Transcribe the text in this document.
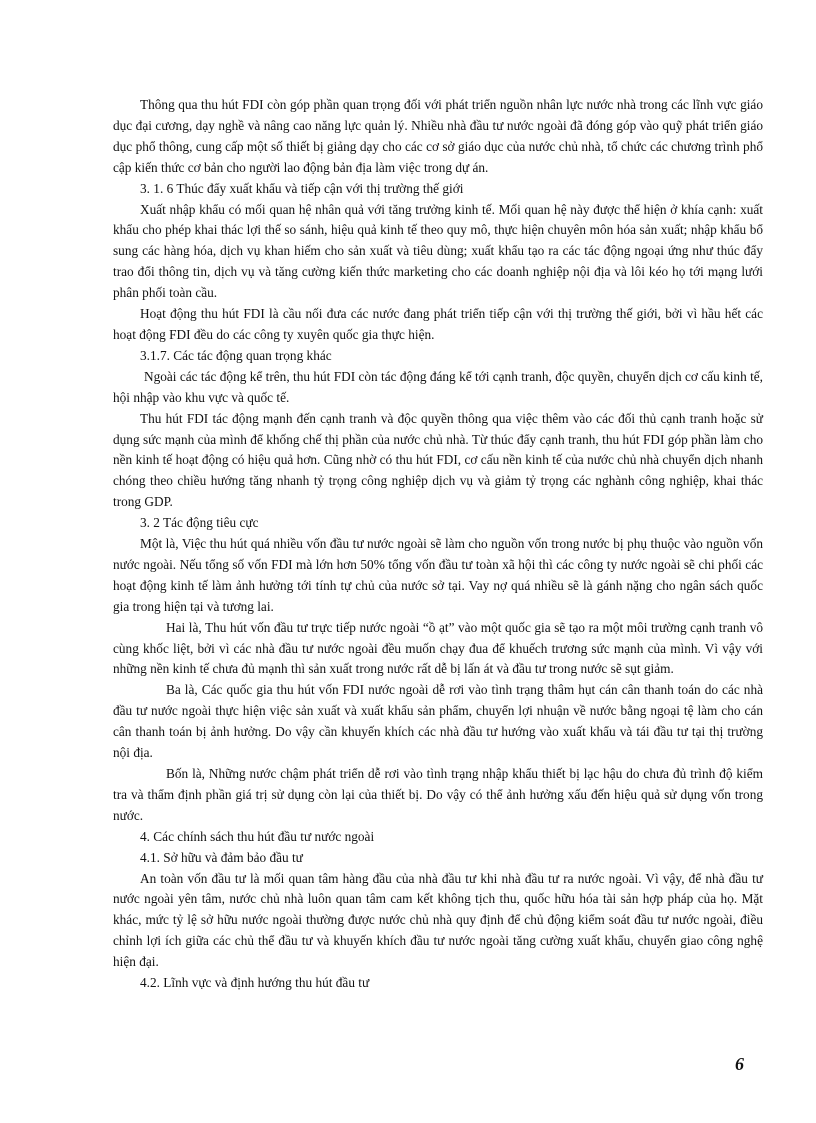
Thông qua thu hút FDI còn góp phần quan trọng đối với phát triển nguồn nhân lực nước nhà trong các lĩnh vực giáo dục đại cương, dạy nghề và nâng cao năng lực quản lý. Nhiều nhà đầu tư nước ngoài đã đóng góp vào quỹ phát triển giáo dục phổ thông, cung cấp một số thiết bị giảng dạy cho các cơ sở giáo dục của nước chủ nhà, tổ chức các chương trình phổ cập kiến thức cơ bản cho người lao động bản địa làm việc trong dự án.

3. 1. 6 Thúc đẩy xuất khẩu và tiếp cận với thị trường thế giới

Xuất nhập khẩu có mối quan hệ nhân quả với tăng trưởng kinh tế. Mối quan hệ này được thể hiện ở khía cạnh: xuất khẩu cho phép khai thác lợi thế so sánh, hiệu quả kinh tế theo quy mô, thực hiện chuyên môn hóa sản xuất; nhập khẩu bổ sung các hàng hóa, dịch vụ khan hiếm cho sản xuất và tiêu dùng; xuất khẩu tạo ra các tác động ngoại ứng như thúc đẩy trao đổi thông tin, dịch vụ và tăng cường kiến thức marketing cho các doanh nghiệp nội địa và lôi kéo họ tới mạng lưới phân phối toàn cầu.

Hoạt động thu hút FDI là cầu nối đưa các nước đang phát triển tiếp cận với thị trường thế giới, bởi vì hầu hết các hoạt động FDI đều do các công ty xuyên quốc gia thực hiện.

3.1.7. Các tác động quan trọng khác

Ngoài các tác động kể trên, thu hút FDI còn tác động đáng kể tới cạnh tranh, độc quyền, chuyển dịch cơ cấu kinh tế, hội nhập vào khu vực và quốc tế.

Thu hút FDI tác động mạnh đến cạnh tranh và độc quyền thông qua việc thêm vào các đối thủ cạnh tranh hoặc sử dụng sức mạnh của mình để khống chế thị phần của nước chủ nhà. Từ thúc đẩy cạnh tranh, thu hút FDI góp phần làm cho nền kinh tế hoạt động có hiệu quả hơn. Cũng nhờ có thu hút FDI, cơ cấu nền kinh tế của nước chủ nhà chuyển dịch nhanh chóng theo chiều hướng tăng nhanh tỷ trọng công nghiệp dịch vụ và giảm tỷ trọng các nghành công nghiệp, khai thác trong GDP.

3. 2 Tác động tiêu cực

Một là, Việc thu hút quá nhiều vốn đầu tư nước ngoài sẽ làm cho nguồn vốn trong nước bị phụ thuộc vào nguồn vốn nước ngoài. Nếu tổng số vốn FDI mà lớn hơn 50% tổng vốn đầu tư toàn xã hội thì các công ty nước ngoài sẽ chi phối các hoạt động kinh tế làm ảnh hưởng tới tính tự chủ của nước sở tại. Vay nợ quá nhiều sẽ là gánh nặng cho ngân sách quốc gia trong hiện tại và tương lai.

Hai là, Thu hút vốn đầu tư trực tiếp nước ngoài “ồ ạt” vào một quốc gia sẽ tạo ra một môi trường cạnh tranh vô cùng khốc liệt, bởi vì các nhà đầu tư nước ngoài đều muốn chạy đua để khuếch trương sức mạnh của mình. Vì vậy với những nền kinh tế chưa đủ mạnh thì sản xuất trong nước rất dễ bị lấn át và đầu tư trong nước sẽ sụt giảm.

Ba là, Các quốc gia thu hút vốn FDI nước ngoài dễ rơi vào tình trạng thâm hụt cán cân thanh toán do các nhà đầu tư nước ngoài thực hiện việc sản xuất và xuất khẩu sản phẩm, chuyển lợi nhuận về nước bằng ngoại tệ làm cho cán cân thanh toán bị ảnh hưởng. Do vậy cần khuyến khích các nhà đầu tư hướng vào xuất khẩu và tái đầu tư tại thị trường nội địa.

Bốn là, Những nước chậm phát triển dễ rơi vào tình trạng nhập khẩu thiết bị lạc hậu do chưa đủ trình độ kiểm tra và thẩm định phần giá trị sử dụng còn lại của thiết bị. Do vậy có thể ảnh hưởng xấu đến hiệu quả sử dụng vốn trong nước.

4. Các chính sách thu hút đầu tư nước ngoài

4.1. Sở hữu và đảm bảo đầu tư

An toàn vốn đầu tư là mối quan tâm hàng đầu của nhà đầu tư khi nhà đầu tư ra nước ngoài. Vì vậy, để nhà đầu tư nước ngoài yên tâm, nước chủ nhà luôn quan tâm cam kết không tịch thu, quốc hữu hóa tài sản hợp pháp của họ. Mặt khác, mức tỷ lệ sở hữu nước ngoài thường được nước chủ nhà quy định để chủ động kiểm soát đầu tư nước ngoài, điều chỉnh lợi ích giữa các chủ thể đầu tư và khuyến khích đầu tư nước ngoài tăng cường xuất khẩu, chuyển giao công nghệ hiện đại.

4.2. Lĩnh vực và định hướng thu hút đầu tư

6
